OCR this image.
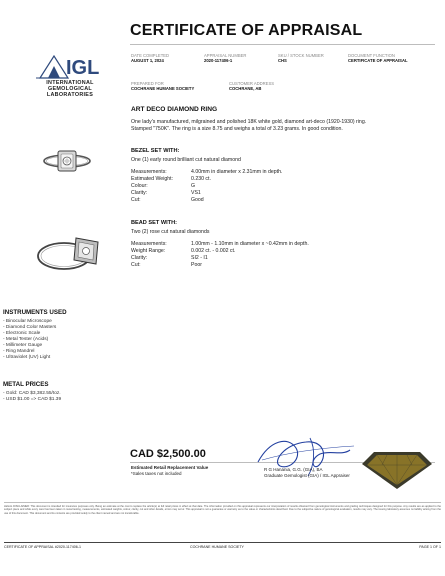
CERTIFICATE OF APPRAISAL
DATE COMPLETED
AUGUST 1, 2024
APPRAISAL NUMBER
2020-117406-1
SKU / STOCK NUMBER
CHS
DOCUMENT FUNCTION
CERTIFICATE OF APPRAISAL
PREPARED FOR
COCHRANE HUMANE SOCIETY
CUSTOMER ADDRESS
COCHRANE, AB
IGL
INTERNATIONAL
GEMOLOGICAL
LABORATORIES
ART DECO DIAMOND RING
One lady's manufactured, milgrained and polished 18K white gold, diamond art-deco (1920-1930) ring.
Stamped "750K". The ring is a size 8.75 and weighs a total of 3.23 grams. In good condition.
BEZEL SET WITH:
One (1) early round brilliant cut natural diamond
Measurements:	4.00mm in diameter x 2.31mm in depth.
Estimated Weight:	0.230 ct.
Colour:	G
Clarity:	VS1
Cut:	Good
BEAD SET WITH:
Two (2) rose cut natural diamonds
Measurements:	1.00mm - 1.10mm in diameter x ~0.42mm in depth.
Weight Range:	0.002 ct. - 0.002 ct.
Clarity:	SI2 - I1
Cut:	Poor
INSTRUMENTS USED
- Binocular Microscope
- Diamond Color Masters
- Electronic Scale
- Metal Tester (Acids)
- Millimeter Gauge
- Ring Mandrel
- Ultraviolet (UV) Light
METAL PRICES
- Gold: CAD $3,382.55/toz.
- USD $1.00 => CAD $1.39
CAD $2,500.00
Estimated Retail Replacement Value
*Sales taxes not included
R G Hanania, G.G. (GIA), BA
Graduate Gemologist (GIA) / IGL Appraiser
LEGAL DISCLAIMER: This document is intended for insurance purposes only. Being an estimate at the cost to replace the article(s) at full retail prices in effect at that date. The information provided on this appraisal represents our interpretation of results obtained from gemological instruments and grading techniques designed for this purpose. Any results are as applied to the subject piece and while every care has been taken in metal testing, measurements, estimated weights, colour, clarity, cut and other details, errors may occur. This appraisal is not a guarantee or warranty as to the value or characteristics described. Due to the subjective nature of gemological evaluation, results may vary. The issuing laboratory assumes no liability arising from the use of this document. This document and its contents are provided solely to the client named and are not transferable.
CERTIFICATE OF APPRAISAL #2020-117406-1	COCHRANE HUMANE SOCIETY	PAGE 1 OF 1
